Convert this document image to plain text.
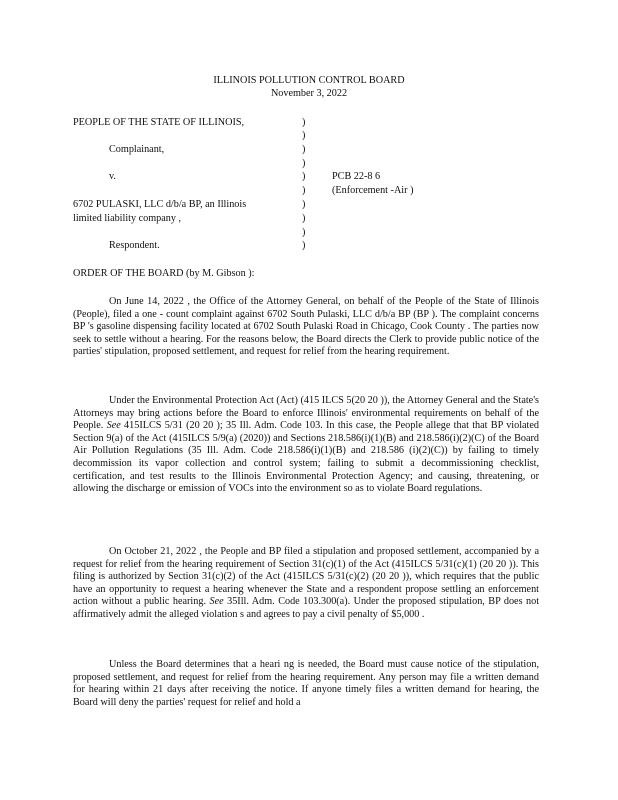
ILLINOIS POLLUTION CONTROL BOARD
November 3, 2022
PEOPLE OF THE STATE OF ILLINOIS,
Complainant,
v.
6702 PULASKI, LLC d/b/a BP, an Illinois
limited liability company ,
Respondent.
)
)
)
)
)
)
)
)
)
)
PCB 22-8 6
(Enforcement -Air )
ORDER OF THE BOARD (by M. Gibson ):

On June 14, 2022 , the Office of the Attorney General, on behalf of the People of the State of Illinois (People), filed a one - count complaint against 6702 South Pulaski, LLC d/b/a BP (BP ). The complaint concerns BP 's gasoline dispensing facility located at 6702 South Pulaski Road in Chicago, Cook County . The parties now seek to settle without a hearing. For the reasons below, the Board directs the Clerk to provide public notice of the parties' stipulation, proposed settlement, and request for relief from the hearing requirement.

Under the Environmental Protection Act (Act) (415 ILCS 5(20 20 )), the Attorney General and the State's Attorneys may bring actions before the Board to enforce Illinois' environmental requirements on behalf of the People. See 415ILCS 5/31 (20 20 ); 35 Ill. Adm. Code 103. In this case, the People allege that that BP violated Section 9(a) of the Act (415ILCS 5/9(a) (2020)) and Sections 218.586(i)(1)(B) and 218.586(i)(2)(C) of the Board Air Pollution Regulations (35 Ill. Adm. Code 218.586(i)(1)(B) and 218.586 (i)(2)(C)) by failing to timely decommission its vapor collection and control system; failing to submit a decommissioning checklist, certification, and test results to the Illinois Environmental Protection Agency; and causing, threatening, or allowing the discharge or emission of VOCs into the environment so as to violate Board regulations.

On October 21, 2022 , the People and BP filed a stipulation and proposed settlement, accompanied by a request for relief from the hearing requirement of Section 31(c)(1) of the Act (415ILCS 5/31(c)(1) (20 20 )). This filing is authorized by Section 31(c)(2) of the Act (415ILCS 5/31(c)(2) (20 20 )), which requires that the public have an opportunity to request a hearing whenever the State and a respondent propose settling an enforcement action without a public hearing. See 35Ill. Adm. Code 103.300(a). Under the proposed stipulation, BP does not affirmatively admit the alleged violation s and agrees to pay a civil penalty of $5,000 .

Unless the Board determines that a heari ng is needed, the Board must cause notice of the stipulation, proposed settlement, and request for relief from the hearing requirement. Any person may file a written demand for hearing within 21 days after receiving the notice. If anyone timely files a written demand for hearing, the Board will deny the parties' request for relief and hold a
